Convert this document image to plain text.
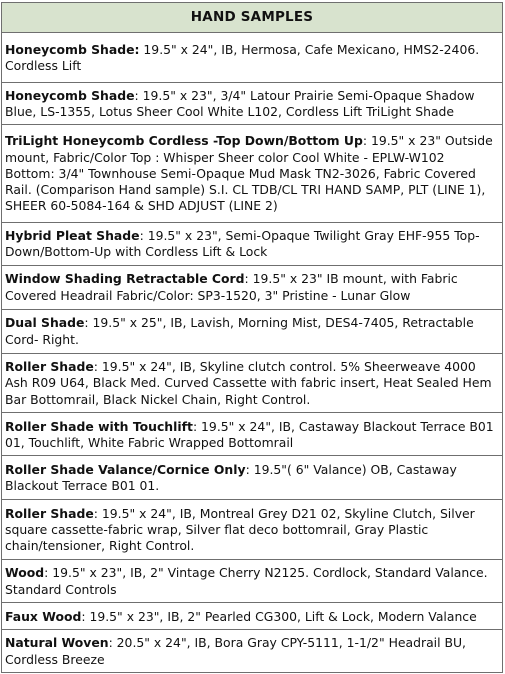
HAND SAMPLES

Honeycomb Shade: 19.5" x 24", IB, Hermosa, Cafe Mexicano, HMS2-2406. Cordless Lift

Honeycomb Shade: 19.5" x 23", 3/4" Latour Prairie Semi-Opaque Shadow Blue, LS-1355, Lotus Sheer Cool White L102, Cordless Lift TriLight Shade

TriLight Honeycomb Cordless -Top Down/Bottom Up: 19.5" x 23" Outside mount, Fabric/Color Top : Whisper Sheer color Cool White - EPLW-W102 Bottom: 3/4" Townhouse Semi-Opaque Mud Mask TN2-3026, Fabric Covered Rail. (Comparison Hand sample) S.I. CL TDB/CL TRI HAND SAMP, PLT (LINE 1), SHEER 60-5084-164 & SHD ADJUST (LINE 2)

Hybrid Pleat Shade: 19.5" x 23", Semi-Opaque Twilight Gray EHF-955 Top-Down/Bottom-Up with Cordless Lift & Lock

Window Shading Retractable Cord: 19.5" x 23" IB mount, with Fabric Covered Headrail Fabric/Color: SP3-1520, 3" Pristine - Lunar Glow

Dual Shade: 19.5" x 25", IB, Lavish, Morning Mist, DES4-7405, Retractable Cord- Right.

Roller Shade: 19.5" x 24", IB, Skyline clutch control. 5% Sheerweave 4000 Ash R09 U64, Black Med. Curved Cassette with fabric insert, Heat Sealed Hem Bar Bottomrail, Black Nickel Chain, Right Control.

Roller Shade with Touchlift: 19.5" x 24", IB, Castaway Blackout Terrace B01 01, Touchlift, White Fabric Wrapped Bottomrail

Roller Shade Valance/Cornice Only: 19.5"( 6" Valance) OB, Castaway Blackout Terrace B01 01.

Roller Shade: 19.5" x 24", IB, Montreal Grey D21 02, Skyline Clutch, Silver square cassette-fabric wrap, Silver flat deco bottomrail, Gray Plastic chain/tensioner, Right Control.

Wood: 19.5" x 23", IB, 2" Vintage Cherry N2125. Cordlock, Standard Valance. Standard Controls

Faux Wood: 19.5" x 23", IB, 2" Pearled CG300, Lift & Lock, Modern Valance

Natural Woven: 20.5" x 24", IB, Bora Gray CPY-5111, 1-1/2" Headrail BU, Cordless Breeze
